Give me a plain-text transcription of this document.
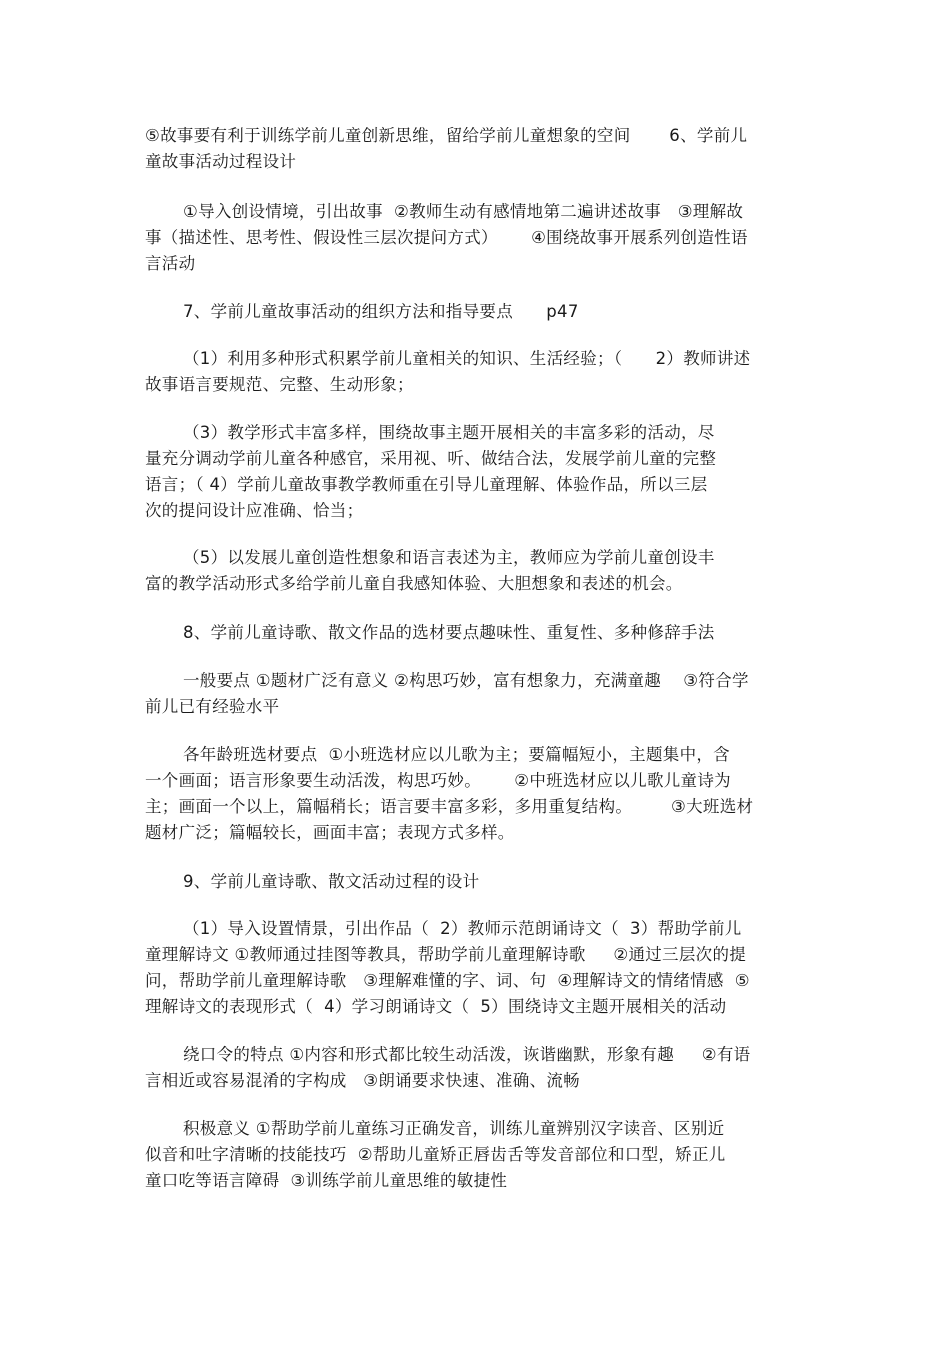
⑤故事要有利于训练学前儿童创新思维，留给学前儿童想象的空间       6、学前儿
童故事活动过程设计
①导入创设情境，引出故事  ②教师生动有感情地第二遍讲述故事   ③理解故
事（描述性、思考性、假设性三层次提问方式）      ④围绕故事开展系列创造性语
言活动
7、学前儿童故事活动的组织方法和指导要点      p47
（1）利用多种形式积累学前儿童相关的知识、生活经验；（      2）教师讲述
故事语言要规范、完整、生动形象；
（3）教学形式丰富多样，围绕故事主题开展相关的丰富多彩的活动，尽
量充分调动学前儿童各种感官，采用视、听、做结合法，发展学前儿童的完整
语言；（ 4）学前儿童故事教学教师重在引导儿童理解、体验作品，所以三层
次的提问设计应准确、恰当；
（5）以发展儿童创造性想象和语言表述为主，教师应为学前儿童创设丰
富的教学活动形式多给学前儿童自我感知体验、大胆想象和表述的机会。
8、学前儿童诗歌、散文作品的选材要点趣味性、重复性、多种修辞手法
一般要点 ①题材广泛有意义 ②构思巧妙，富有想象力，充满童趣    ③符合学
前儿已有经验水平
各年龄班选材要点  ①小班选材应以儿歌为主；要篇幅短小，主题集中，含
一个画面；语言形象要生动活泼，构思巧妙。      ②中班选材应以儿歌儿童诗为
主；画面一个以上，篇幅稍长；语言要丰富多彩，多用重复结构。       ③大班选材
题材广泛；篇幅较长，画面丰富；表现方式多样。
9、学前儿童诗歌、散文活动过程的设计
（1）导入设置情景，引出作品（  2）教师示范朗诵诗文（  3）帮助学前儿
童理解诗文 ①教师通过挂图等教具，帮助学前儿童理解诗歌     ②通过三层次的提
问，帮助学前儿童理解诗歌   ③理解难懂的字、词、句  ④理解诗文的情绪情感  ⑤
理解诗文的表现形式（  4）学习朗诵诗文（  5）围绕诗文主题开展相关的活动
绕口令的特点 ①内容和形式都比较生动活泼，诙谐幽默，形象有趣     ②有语
言相近或容易混淆的字构成   ③朗诵要求快速、准确、流畅
积极意义 ①帮助学前儿童练习正确发音，训练儿童辨别汉字读音、区别近
似音和吐字清晰的技能技巧  ②帮助儿童矫正唇齿舌等发音部位和口型，矫正儿
童口吃等语言障碍  ③训练学前儿童思维的敏捷性
